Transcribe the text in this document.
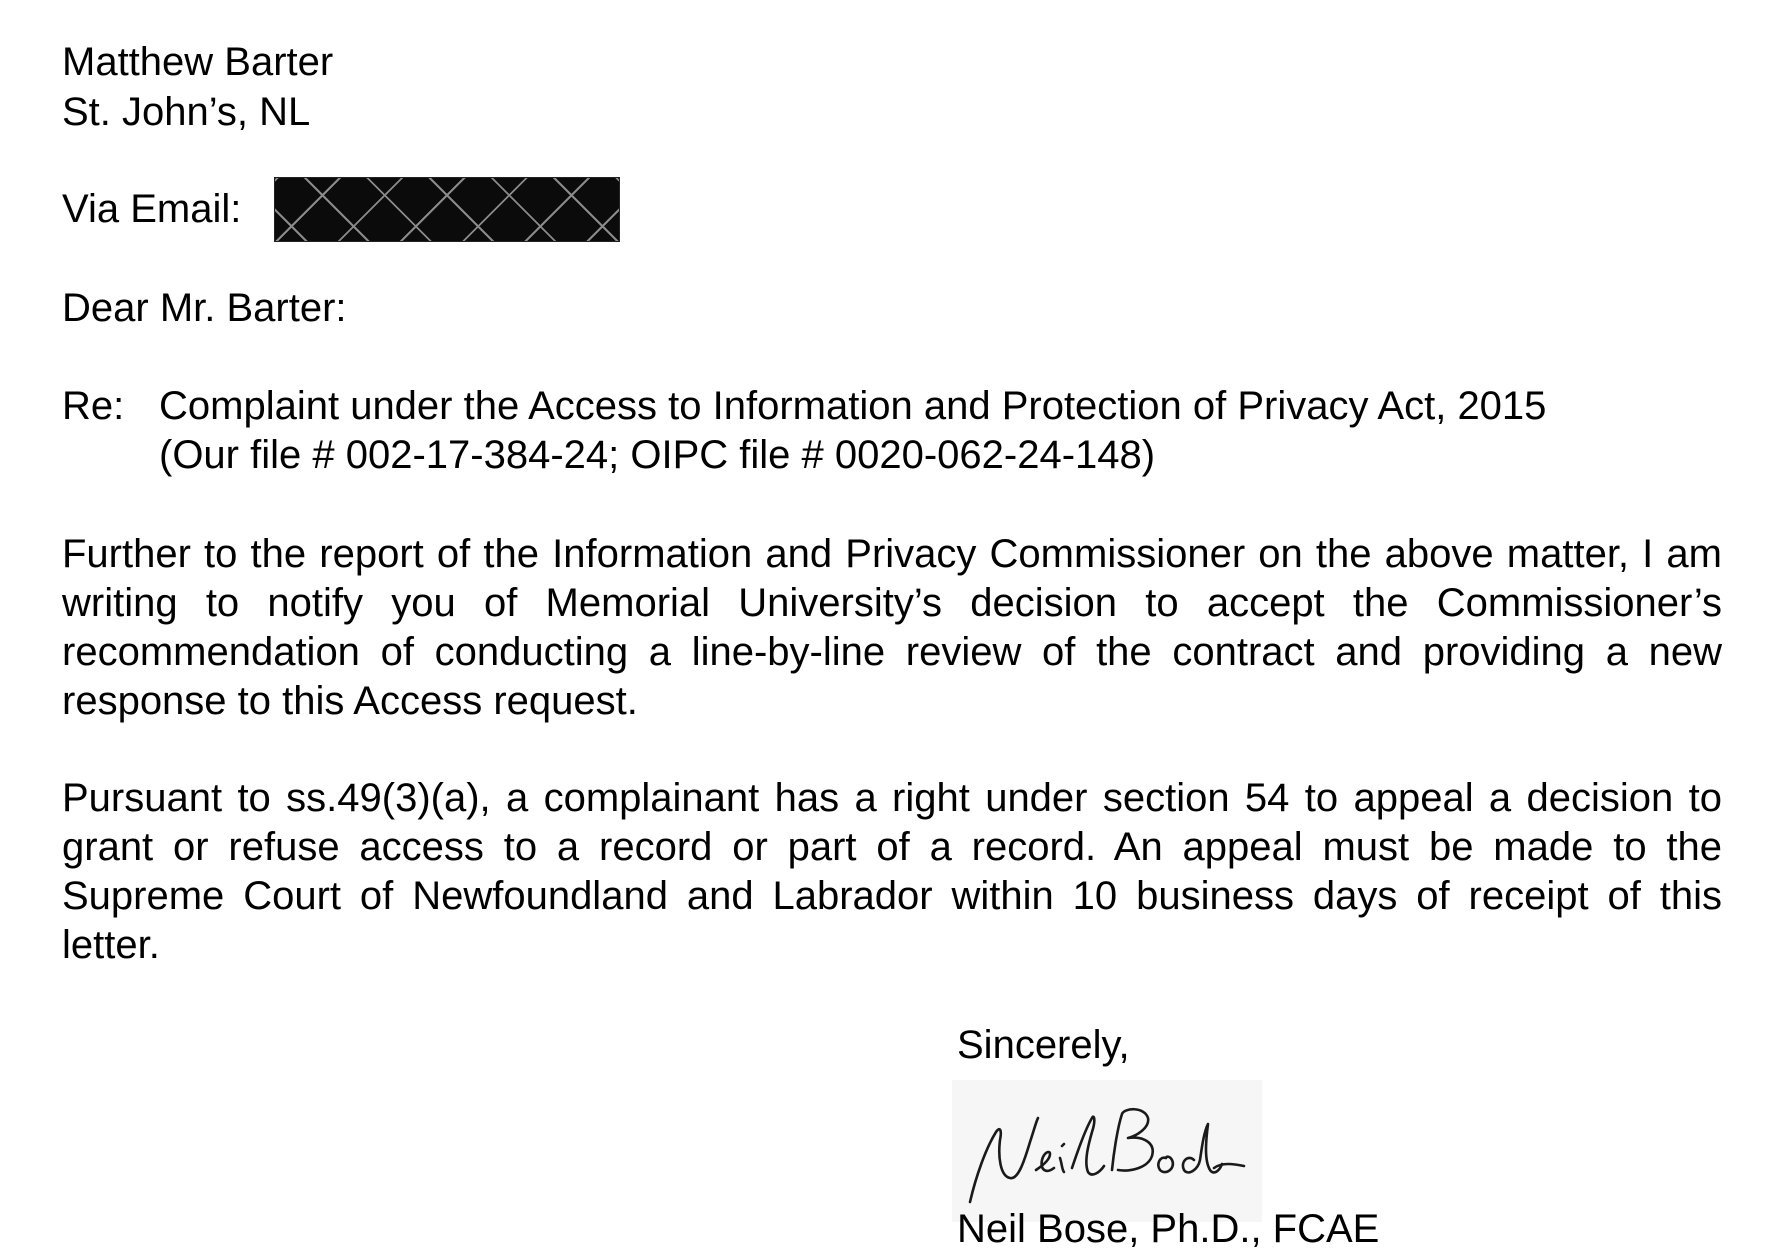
Matthew Barter

St. John’s, NL

Via Email:

Dear Mr. Barter:

Re: Complaint under the Access to Information and Protection of Privacy Act, 2015

(Our file # 002-17-384-24; OIPC file # 0020-062-24-148)

Further to the report of the Information and Privacy Commissioner on the above matter, I am writing to notify you of Memorial University’s decision to accept the Commissioner’s recommendation of conducting a line-by-line review of the contract and providing a new response to this Access request.

Pursuant to ss.49(3)(a), a complainant has a right under section 54 to appeal a decision to grant or refuse access to a record or part of a record. An appeal must be made to the Supreme Court of Newfoundland and Labrador within 10 business days of receipt of this letter.

Sincerely,

Neil Bose, Ph.D., FCAE
